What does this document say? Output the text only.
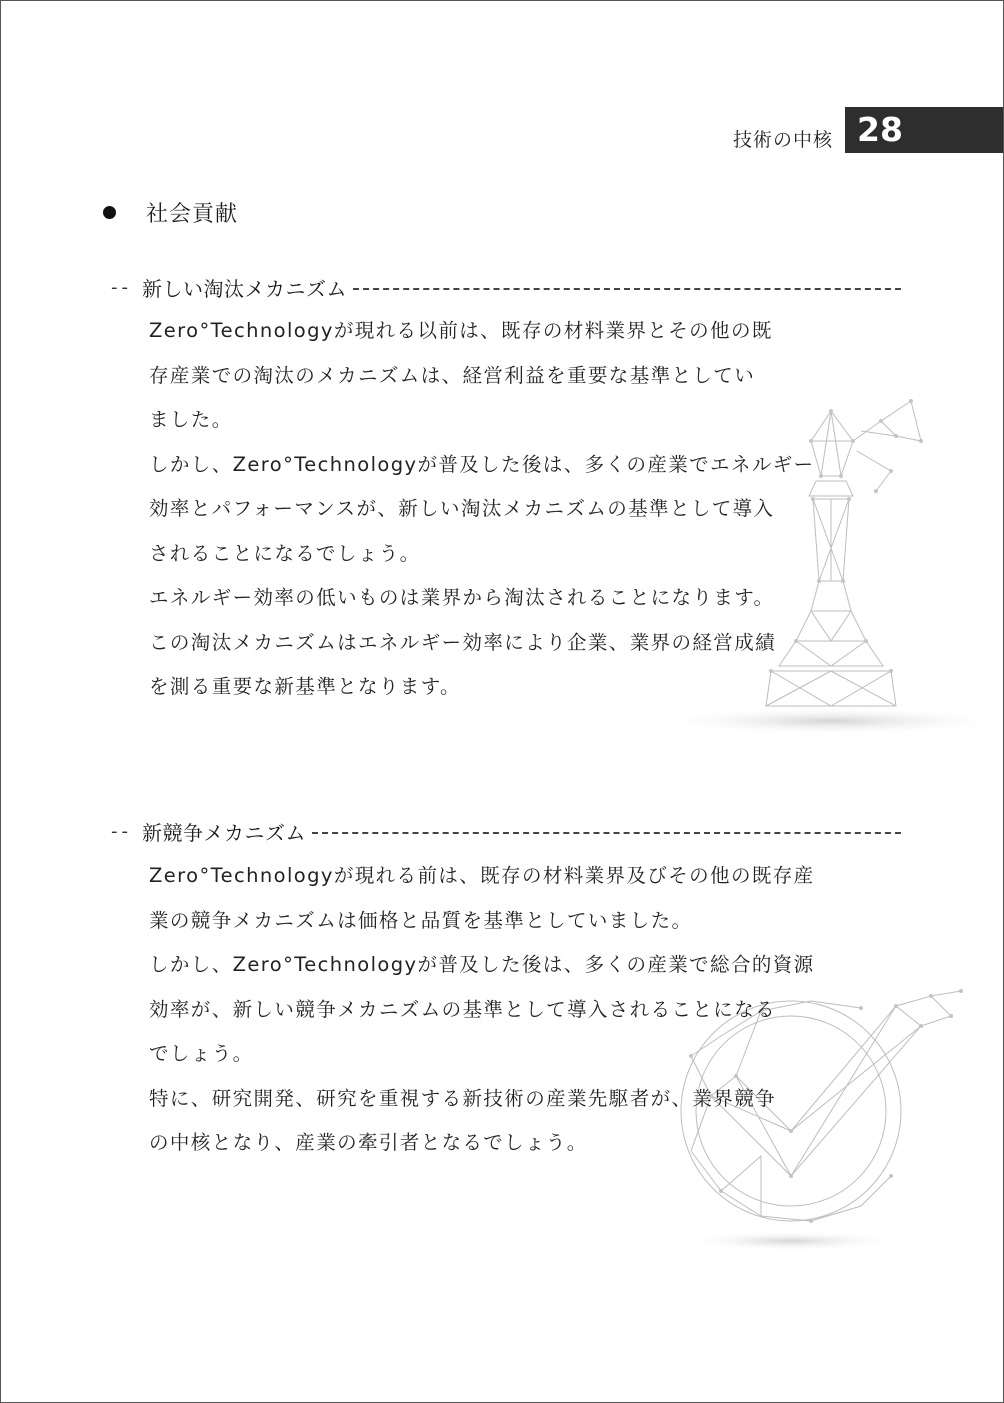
技術の中核 28
社会貢献
-- 新しい淘汰メカニズム

Zero°Technologyが現れる以前は、既存の材料業界とその他の既

存産業での淘汰のメカニズムは、経営利益を重要な基準としてい

ました。

しかし、Zero°Technologyが普及した後は、多くの産業でエネルギー

効率とパフォーマンスが、新しい淘汰メカニズムの基準として導入

されることになるでしょう。

エネルギー効率の低いものは業界から淘汰されることになります。

この淘汰メカニズムはエネルギー効率により企業、業界の経営成績

を測る重要な新基準となります。

-- 新競争メカニズム

Zero°Technologyが現れる前は、既存の材料業界及びその他の既存産

業の競争メカニズムは価格と品質を基準としていました。

しかし、Zero°Technologyが普及した後は、多くの産業で総合的資源

効率が、新しい競争メカニズムの基準として導入されることになる

でしょう。

特に、研究開発、研究を重視する新技術の産業先駆者が、業界競争

の中核となり、産業の牽引者となるでしょう。
